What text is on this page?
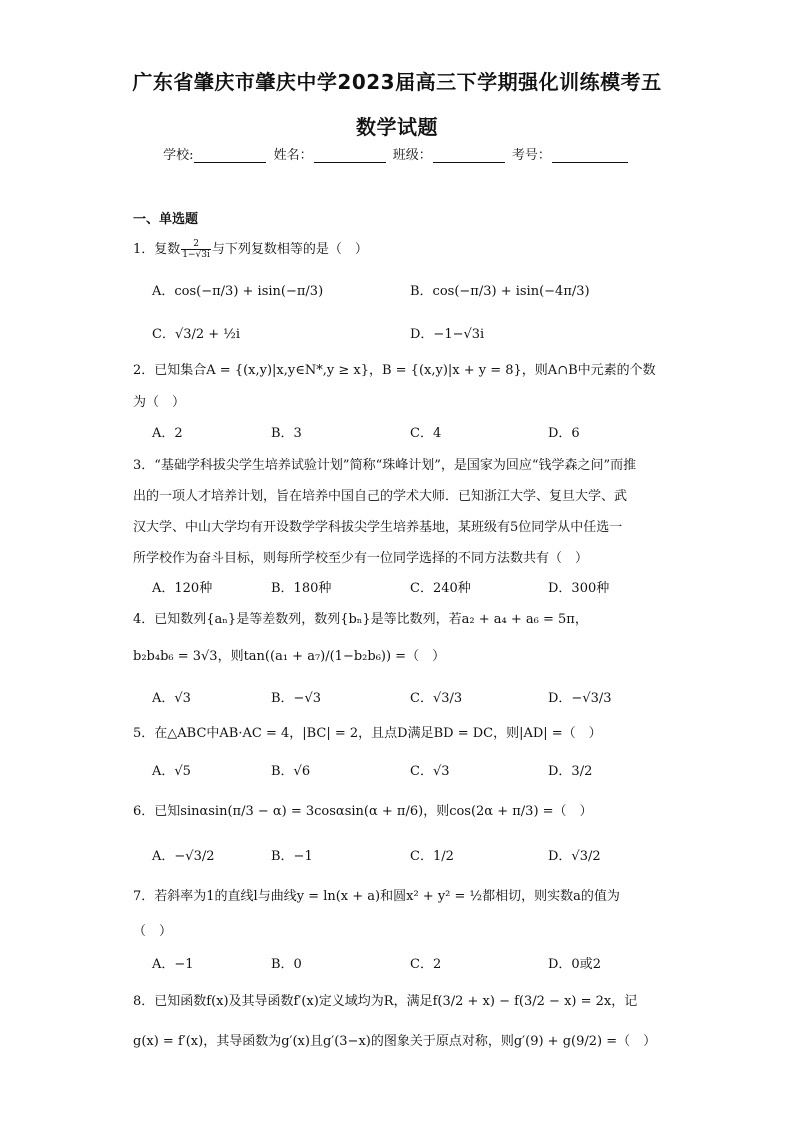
广东省肇庆市肇庆中学2023届高三下学期强化训练模考五
数学试题
学校:	姓名：	班级：	考号：
一、单选题
1．复数 $\frac{2}{1-√3i}$ 与下列复数相等的是（　）
A．cos(−π/3) + isin(−π/3)	B．cos(−π/3) + isin(−4π/3)
C．√3/2 + ½i	D．−1−√3i
2．已知集合A = {(x,y)|x,y∈N*,y ≥ x}，B = {(x,y)|x + y = 8}，则A∩B中元素的个数
为（　）
A．2	B．3	C．4	D．6
3．“基础学科拔尖学生培养试验计划”简称“珠峰计划”，是国家为回应“钱学森之问”而推
出的一项人才培养计划，旨在培养中国自己的学术大师．已知浙江大学、复旦大学、武
汉大学、中山大学均有开设数学学科拔尖学生培养基地，某班级有5位同学从中任选一
所学校作为奋斗目标，则每所学校至少有一位同学选择的不同方法数共有（　）
A．120种	B．180种	C．240种	D．300种
4．已知数列{aₙ}是等差数列，数列{bₙ}是等比数列，若a₂ + a₄ + a₆ = 5π，
b₂b₄b₆ = 3√3，则tan((a₁ + a₇)/(1−b₂b₆)) =（　）
A．√3	B．−√3	C．√3/3	D．−√3/3
5．在△ABC中AB·AC = 4，|BC| = 2，且点D满足BD = DC，则|AD| =（　）
A．√5	B．√6	C．√3	D．3/2
6．已知sinαsin(π/3 − α) = 3cosαsin(α + π/6)，则cos(2α + π/3) =（　）
A．−√3/2	B．−1	C．1/2	D．√3/2
7．若斜率为1的直线l与曲线y = ln(x + a)和圆x² + y² = ½都相切，则实数a的值为
（　）
A．−1	B．0	C．2	D．0或2
8．已知函数f(x)及其导函数f′(x)定义域均为R，满足f(3/2 + x) − f(3/2 − x) = 2x，记
g(x) = f′(x)，其导函数为g′(x)且g′(3−x)的图象关于原点对称，则g′(9) + g(9/2) =（　）
